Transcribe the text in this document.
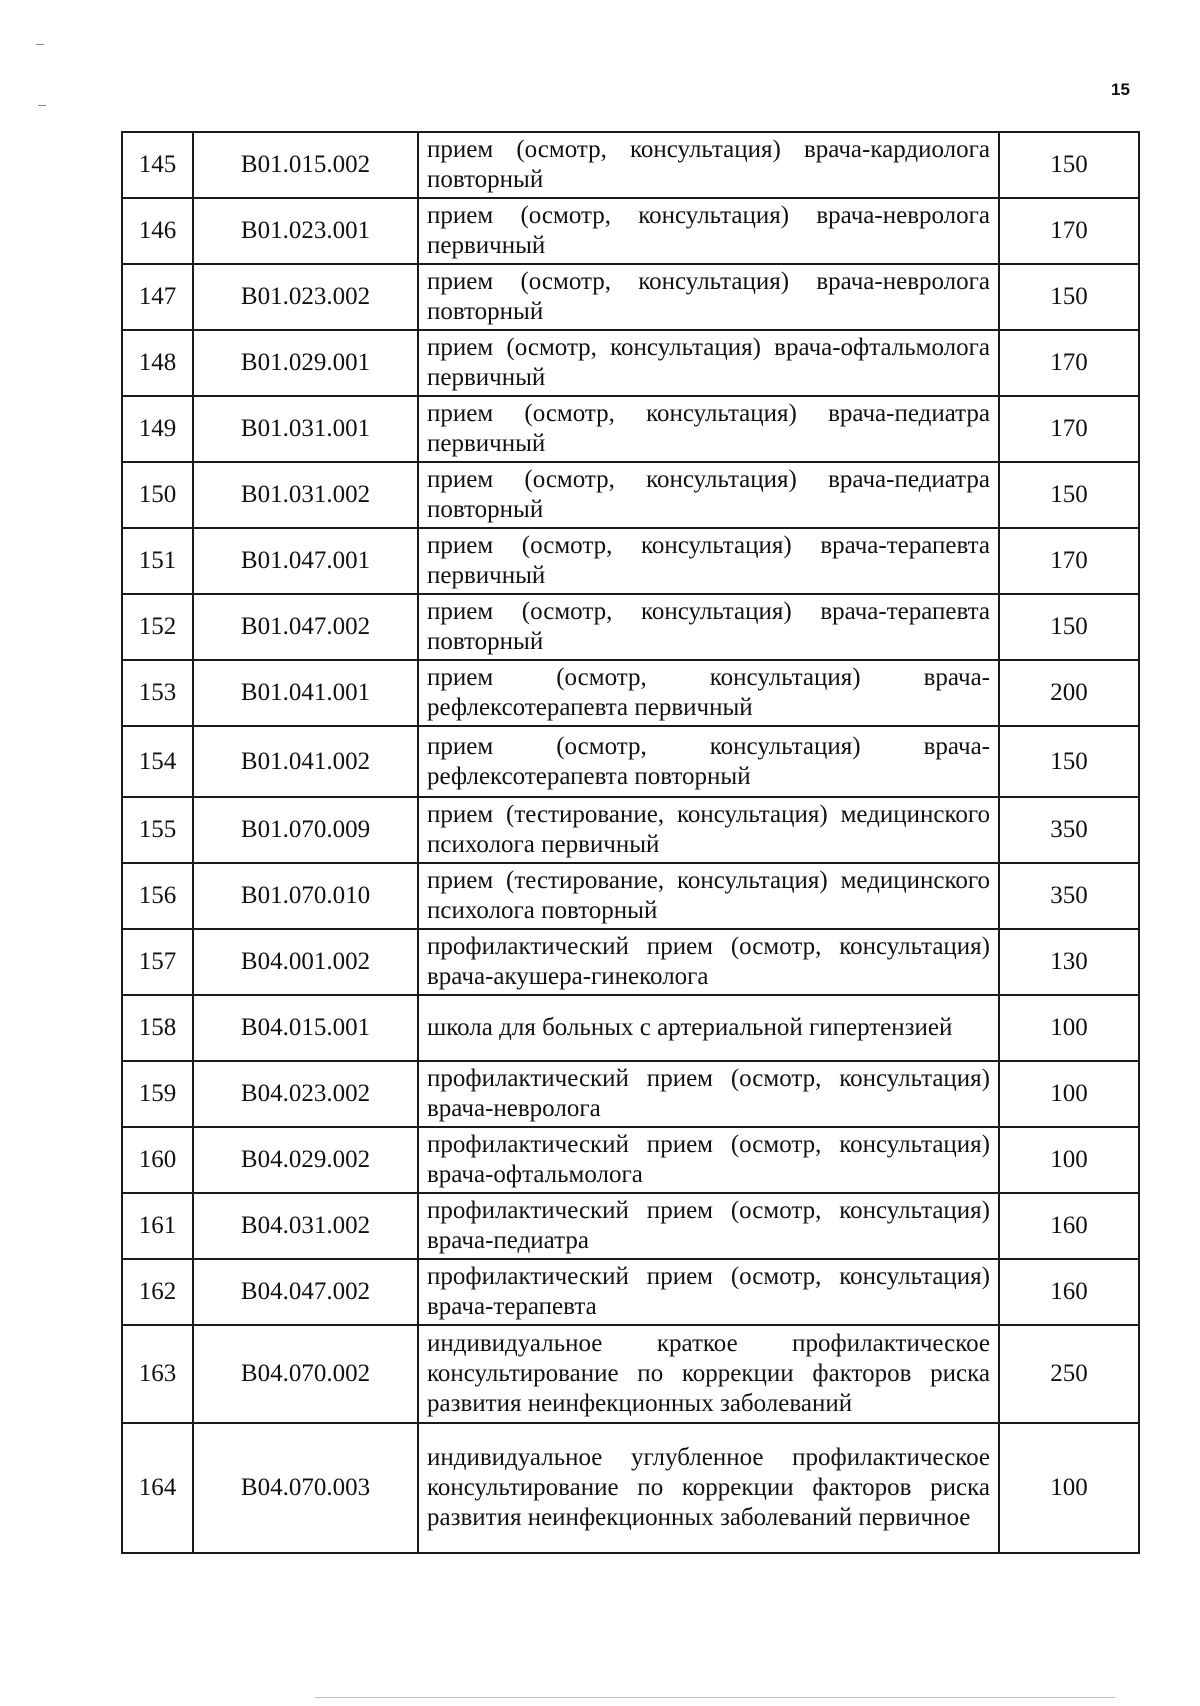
15
145	B01.015.002	прием (осмотр, консультация) врача-кардиолога повторный	150
146	B01.023.001	прием (осмотр, консультация) врача-невролога первичный	170
147	B01.023.002	прием (осмотр, консультация) врача-невролога повторный	150
148	B01.029.001	прием (осмотр, консультация) врача-офтальмолога первичный	170
149	B01.031.001	прием (осмотр, консультация) врача-педиатра первичный	170
150	B01.031.002	прием (осмотр, консультация) врача-педиатра повторный	150
151	B01.047.001	прием (осмотр, консультация) врача-терапевта первичный	170
152	B01.047.002	прием (осмотр, консультация) врача-терапевта повторный	150
153	B01.041.001	прием (осмотр, консультация) врача-рефлексотерапевта первичный	200
154	B01.041.002	прием (осмотр, консультация) врача-рефлексотерапевта повторный	150
155	B01.070.009	прием (тестирование, консультация) медицинского психолога первичный	350
156	B01.070.010	прием (тестирование, консультация) медицинского психолога повторный	350
157	B04.001.002	профилактический прием (осмотр, консультация) врача-акушера-гинеколога	130
158	B04.015.001	школа для больных с артериальной гипертензией	100
159	B04.023.002	профилактический прием (осмотр, консультация) врача-невролога	100
160	B04.029.002	профилактический прием (осмотр, консультация) врача-офтальмолога	100
161	B04.031.002	профилактический прием (осмотр, консультация) врача-педиатра	160
162	B04.047.002	профилактический прием (осмотр, консультация) врача-терапевта	160
163	B04.070.002	индивидуальное краткое профилактическое консультирование по коррекции факторов риска развития неинфекционных заболеваний	250
164	B04.070.003	индивидуальное углубленное профилактическое консультирование по коррекции факторов риска развития неинфекционных заболеваний первичное	100
